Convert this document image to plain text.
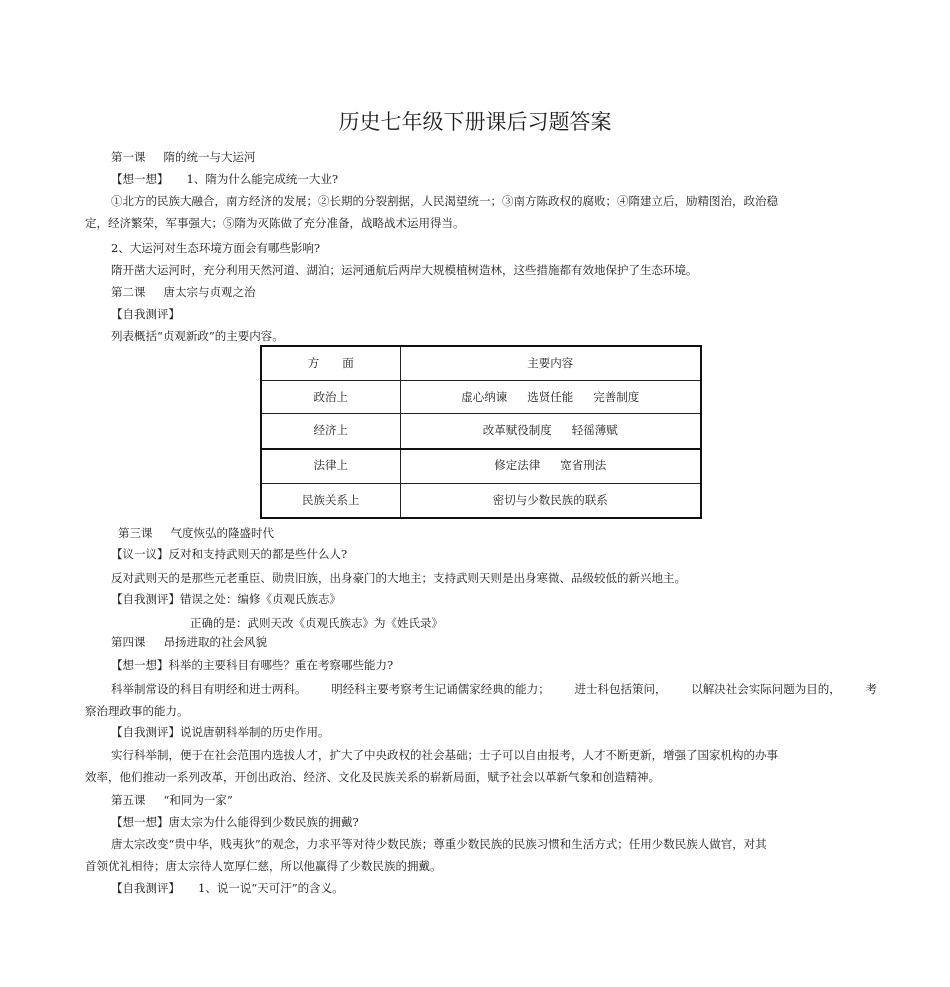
历史七年级下册课后习题答案
第一课 隋的统一与大运河
【想一想】 1、隋为什么能完成统一大业?
①北方的民族大融合，南方经济的发展；②长期的分裂割据，人民渴望统一；③南方陈政权的腐败；④隋建立后，励精图治，政治稳
定，经济繁荣，军事强大；⑤隋为灭陈做了充分准备，战略战术运用得当。
2、大运河对生态环境方面会有哪些影响?
隋开凿大运河时，充分利用天然河道、湖泊；运河通航后两岸大规模植树造林，这些措施都有效地保护了生态环境。
第二课 唐太宗与贞观之治
【自我测评】
列表概括“贞观新政”的主要内容。
方　　面	主要内容
政治上	虚心纳谏 选贤任能 完善制度
经济上	改革赋役制度 轻徭薄赋
法律上	修定法律 宽省刑法
民族关系上	密切与少数民族的联系
第三课 气度恢弘的隆盛时代
【议一议】反对和支持武则天的都是些什么人?
反对武则天的是那些元老重臣、勋贵旧族，出身豪门的大地主；支持武则天则是出身寒微、品级较低的新兴地主。
【自我测评】错误之处：编修《贞观氏族志》
正确的是：武则天改《贞观氏族志》为《姓氏录》
第四课 昂扬进取的社会风貌
【想一想】科举的主要科目有哪些？重在考察哪些能力?
科举制常设的科目有明经和进士两科。 明经科主要考察考生记诵儒家经典的能力； 进士科包括策问， 以解决社会实际问题为目的， 考
察治理政事的能力。
【自我测评】说说唐朝科举制的历史作用。
实行科举制，便于在社会范围内选拔人才，扩大了中央政权的社会基础；士子可以自由报考，人才不断更新，增强了国家机构的办事
效率，他们推动一系列改革，开创出政治、经济、文化及民族关系的崭新局面，赋予社会以革新气象和创造精神。
第五课 “和同为一家”
【想一想】唐太宗为什么能得到少数民族的拥戴?
唐太宗改变“贵中华，贱夷狄”的观念，力求平等对待少数民族；尊重少数民族的民族习惯和生活方式；任用少数民族人做官，对其
首领优礼相待；唐太宗待人宽厚仁慈，所以他赢得了少数民族的拥戴。
【自我测评】 1、说一说“天可汗”的含义。
